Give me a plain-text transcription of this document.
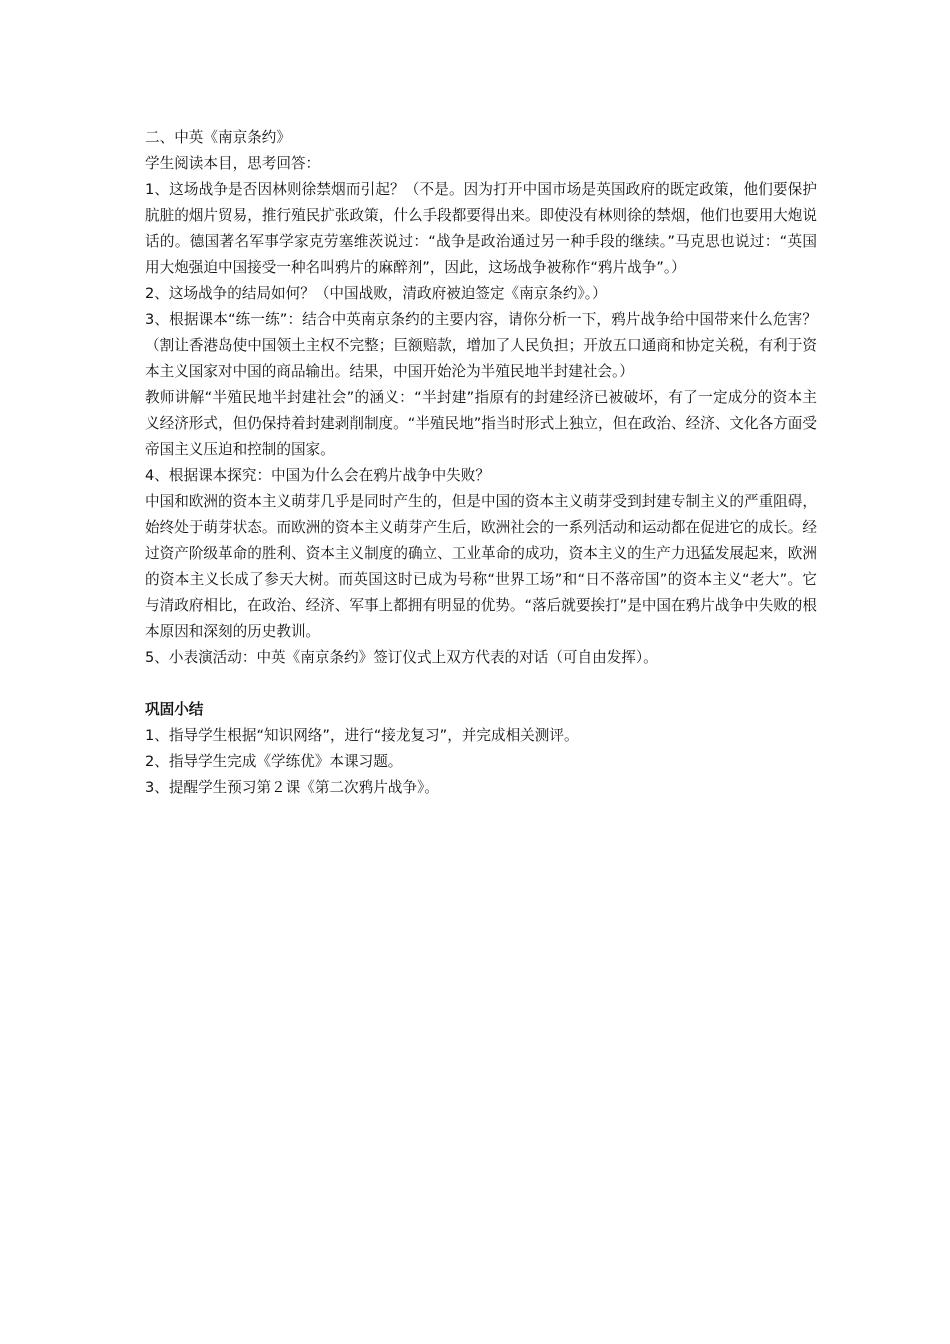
二、中英《南京条约》

学生阅读本目，思考回答：

1、这场战争是否因林则徐禁烟而引起？（不是。因为打开中国市场是英国政府的既定政策，他们要保护肮脏的烟片贸易，推行殖民扩张政策，什么手段都要得出来。即使没有林则徐的禁烟，他们也要用大炮说话的。德国著名军事学家克劳塞维茨说过：“战争是政治通过另一种手段的继续。”马克思也说过：“英国用大炮强迫中国接受一种名叫鸦片的麻醉剂”，因此，这场战争被称作“鸦片战争”。）

2、这场战争的结局如何？（中国战败，清政府被迫签定《南京条约》。）

3、根据课本“练一练”：结合中英南京条约的主要内容，请你分析一下，鸦片战争给中国带来什么危害？（割让香港岛使中国领土主权不完整；巨额赔款，增加了人民负担；开放五口通商和协定关税，有利于资本主义国家对中国的商品输出。结果，中国开始沦为半殖民地半封建社会。）

教师讲解“半殖民地半封建社会”的涵义：“半封建”指原有的封建经济已被破坏，有了一定成分的资本主义经济形式，但仍保持着封建剥削制度。“半殖民地”指当时形式上独立，但在政治、经济、文化各方面受帝国主义压迫和控制的国家。

4、根据课本探究：中国为什么会在鸦片战争中失败？

中国和欧洲的资本主义萌芽几乎是同时产生的，但是中国的资本主义萌芽受到封建专制主义的严重阻碍，始终处于萌芽状态。而欧洲的资本主义萌芽产生后，欧洲社会的一系列活动和运动都在促进它的成长。经过资产阶级革命的胜利、资本主义制度的确立、工业革命的成功，资本主义的生产力迅猛发展起来，欧洲的资本主义长成了参天大树。而英国这时已成为号称“世界工场”和“日不落帝国”的资本主义“老大”。它与清政府相比，在政治、经济、军事上都拥有明显的优势。“落后就要挨打”是中国在鸦片战争中失败的根本原因和深刻的历史教训。

5、小表演活动：中英《南京条约》签订仪式上双方代表的对话（可自由发挥）。

巩固小结

1、指导学生根据“知识网络”，进行“接龙复习”，并完成相关测评。

2、指导学生完成《学练优》本课习题。

3、提醒学生预习第２课《第二次鸦片战争》。
